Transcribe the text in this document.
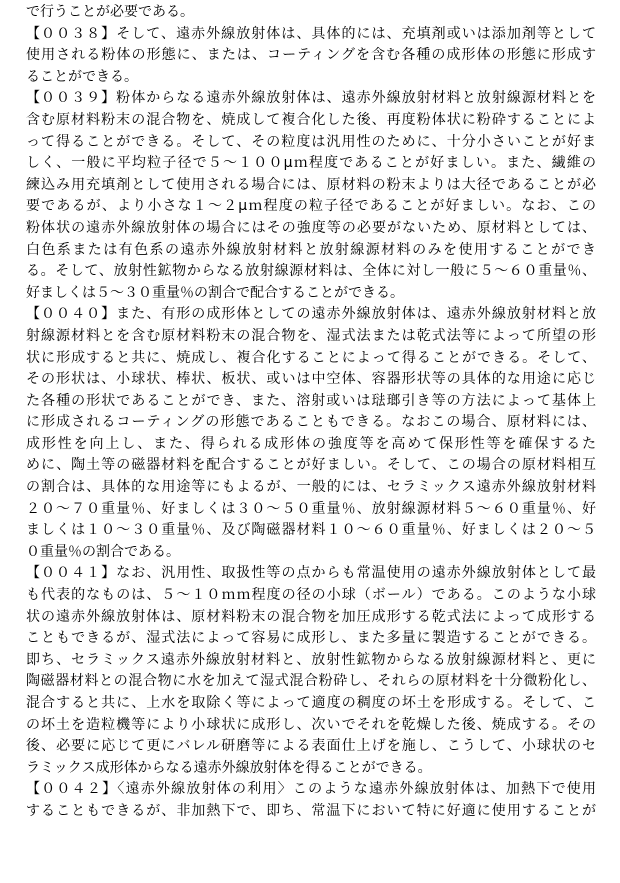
で行うことが必要である。
【００３８】そして、遠赤外線放射体は、具体的には、充填剤或いは添加剤等として
使用される粉体の形態に、または、コーティングを含む各種の成形体の形態に形成す
ることができる。
【００３９】粉体からなる遠赤外線放射体は、遠赤外線放射材料と放射線源材料とを
含む原材料粉末の混合物を、焼成して複合化した後、再度粉体状に粉砕することによ
って得ることができる。そして、その粒度は汎用性のために、十分小さいことが好ま
しく、一般に平均粒子径で５～１００μｍ程度であることが好ましい。また、繊維の
練込み用充填剤として使用される場合には、原材料の粉末よりは大径であることが必
要であるが、より小さな１～２μｍ程度の粒子径であることが好ましい。なお、この
粉体状の遠赤外線放射体の場合にはその強度等の必要がないため、原材料としては、
白色系または有色系の遠赤外線放射材料と放射線源材料のみを使用することができ
る。そして、放射性鉱物からなる放射線源材料は、全体に対し一般に５～６０重量％、
好ましくは５～３０重量％の割合で配合することができる。
【００４０】また、有形の成形体としての遠赤外線放射体は、遠赤外線放射材料と放
射線源材料とを含む原材料粉末の混合物を、湿式法または乾式法等によって所望の形
状に形成すると共に、焼成し、複合化することによって得ることができる。そして、
その形状は、小球状、棒状、板状、或いは中空体、容器形状等の具体的な用途に応じ
た各種の形状であることができ、また、溶射或いは琺瑯引き等の方法によって基体上
に形成されるコーティングの形態であることもできる。なおこの場合、原材料には、
成形性を向上し、また、得られる成形体の強度等を高めて保形性等を確保するた
めに、陶土等の磁器材料を配合することが好ましい。そして、この場合の原材料相互
の割合は、具体的な用途等にもよるが、一般的には、セラミックス遠赤外線放射材料
２０～７０重量％、好ましくは３０～５０重量％、放射線源材料５～６０重量％、好
ましくは１０～３０重量％、及び陶磁器材料１０～６０重量％、好ましくは２０～５
０重量％の割合である。
【００４１】なお、汎用性、取扱性等の点からも常温使用の遠赤外線放射体として最
も代表的なものは、５～１０ｍｍ程度の径の小球（ボール）である。このような小球
状の遠赤外線放射体は、原材料粉末の混合物を加圧成形する乾式法によって成形する
こともできるが、湿式法によって容易に成形し、また多量に製造することができる。
即ち、セラミックス遠赤外線放射材料と、放射性鉱物からなる放射線源材料と、更に
陶磁器材料との混合物に水を加えて湿式混合粉砕し、それらの原材料を十分微粉化し、
混合すると共に、上水を取除く等によって適度の稠度の坏土を形成する。そして、こ
の坏土を造粒機等により小球状に成形し、次いでそれを乾燥した後、焼成する。その
後、必要に応じて更にバレル研磨等による表面仕上げを施し、こうして、小球状のセ
ラミックス成形体からなる遠赤外線放射体を得ることができる。
【００４２】〈遠赤外線放射体の利用〉このような遠赤外線放射体は、加熱下で使用
することもできるが、非加熱下で、即ち、常温下において特に好適に使用することが
